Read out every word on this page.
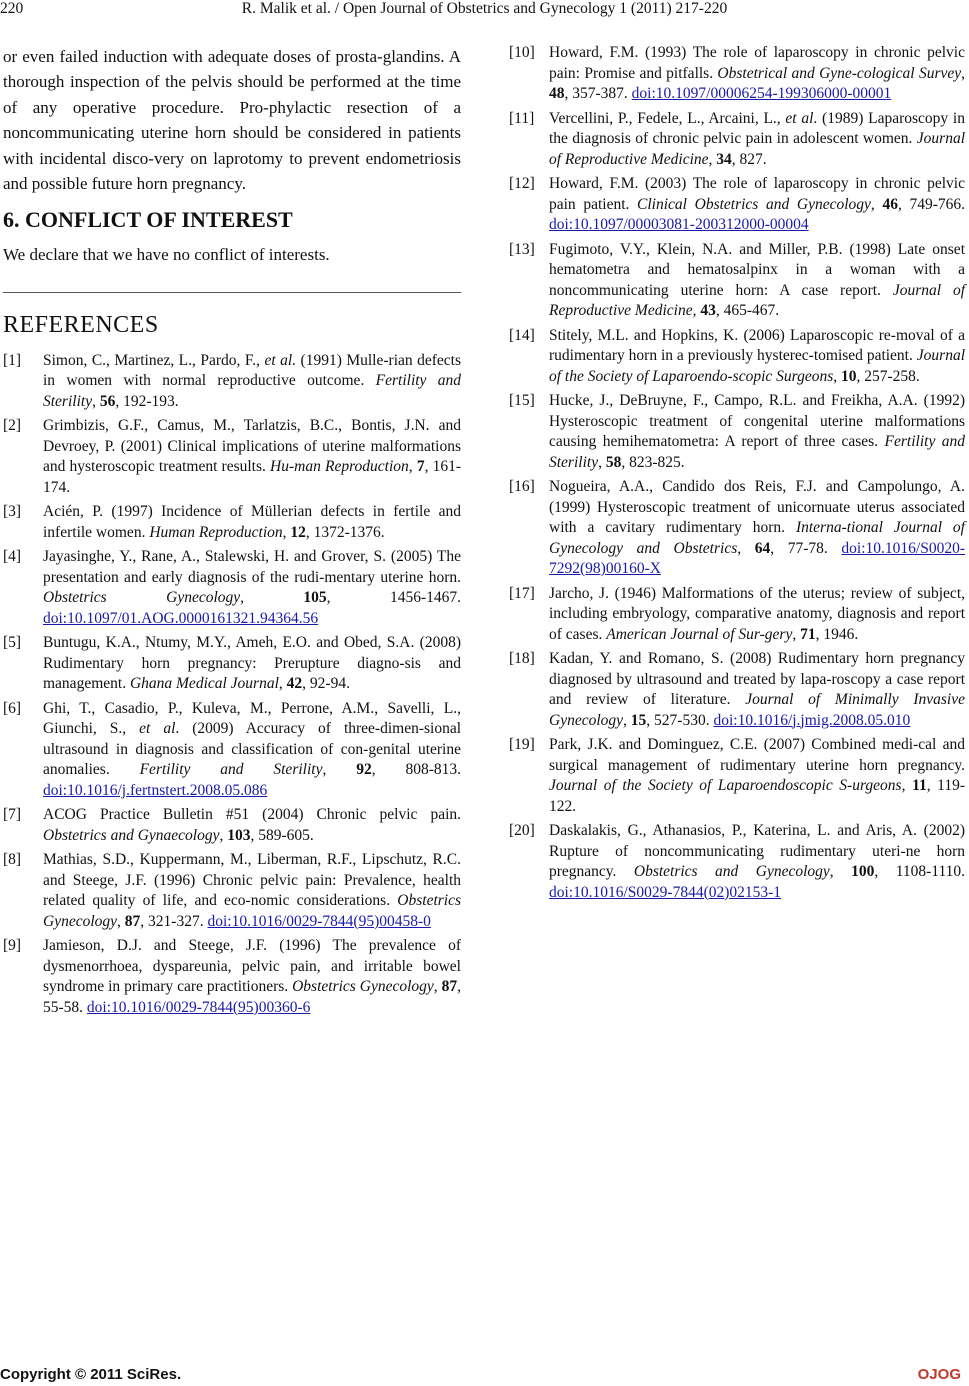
220	R. Malik et al. / Open Journal of Obstetrics and Gynecology 1 (2011) 217-220

or even failed induction with adequate doses of prosta-glandins. A thorough inspection of the pelvis should be performed at the time of any operative procedure. Pro-phylactic resection of a noncommunicating uterine horn should be considered in patients with incidental disco-very on laprotomy to prevent endometriosis and possible future horn pregnancy.

6. CONFLICT OF INTEREST

We declare that we have no conflict of interests.

REFERENCES
[1]	Simon, C., Martinez, L., Pardo, F., et al. (1991) Mulle-rian defects in women with normal reproductive outcome. Fertility and Sterility, 56, 192-193.
[2]	Grimbizis, G.F., Camus, M., Tarlatzis, B.C., Bontis, J.N. and Devroey, P. (2001) Clinical implications of uterine malformations and hysteroscopic treatment results. Hu-man Reproduction, 7, 161-174.
[3]	Acién, P. (1997) Incidence of Müllerian defects in fertile and infertile women. Human Reproduction, 12, 1372-1376.
[4]	Jayasinghe, Y., Rane, A., Stalewski, H. and Grover, S. (2005) The presentation and early diagnosis of the rudi-mentary uterine horn. Obstetrics Gynecology, 105, 1456-1467. doi:10.1097/01.AOG.0000161321.94364.56
[5]	Buntugu, K.A., Ntumy, M.Y., Ameh, E.O. and Obed, S.A. (2008) Rudimentary horn pregnancy: Prerupture diagno-sis and management. Ghana Medical Journal, 42, 92-94.
[6]	Ghi, T., Casadio, P., Kuleva, M., Perrone, A.M., Savelli, L., Giunchi, S., et al. (2009) Accuracy of three-dimen-sional ultrasound in diagnosis and classification of con-genital uterine anomalies. Fertility and Sterility, 92, 808-813. doi:10.1016/j.fertnstert.2008.05.086
[7]	ACOG Practice Bulletin #51 (2004) Chronic pelvic pain. Obstetrics and Gynaecology, 103, 589-605.
[8]	Mathias, S.D., Kuppermann, M., Liberman, R.F., Lipschutz, R.C. and Steege, J.F. (1996) Chronic pelvic pain: Prevalence, health related quality of life, and eco-nomic considerations. Obstetrics Gynecology, 87, 321-327. doi:10.1016/0029-7844(95)00458-0
[9]	Jamieson, D.J. and Steege, J.F. (1996) The prevalence of dysmenorrhoea, dyspareunia, pelvic pain, and irritable bowel syndrome in primary care practitioners. Obstetrics Gynecology, 87, 55-58. doi:10.1016/0029-7844(95)00360-6
[10] Howard, F.M. (1993) The role of laparoscopy in chronic pelvic pain: Promise and pitfalls. Obstetrical and Gyne-cological Survey, 48, 357-387. doi:10.1097/00006254-199306000-00001
[11] Vercellini, P., Fedele, L., Arcaini, L., et al. (1989) Laparoscopy in the diagnosis of chronic pelvic pain in adolescent women. Journal of Reproductive Medicine, 34, 827.
[12] Howard, F.M. (2003) The role of laparoscopy in chronic pelvic pain patient. Clinical Obstetrics and Gynecology, 46, 749-766. doi:10.1097/00003081-200312000-00004
[13] Fugimoto, V.Y., Klein, N.A. and Miller, P.B. (1998) Late onset hematometra and hematosalpinx in a woman with a noncommunicating uterine horn: A case report. Journal of Reproductive Medicine, 43, 465-467.
[14] Stitely, M.L. and Hopkins, K. (2006) Laparoscopic re-moval of a rudimentary horn in a previously hysterec-tomised patient. Journal of the Society of Laparoendo-scopic Surgeons, 10, 257-258.
[15] Hucke, J., DeBruyne, F., Campo, R.L. and Freikha, A.A. (1992) Hysteroscopic treatment of congenital uterine malformations causing hemihematometra: A report of three cases. Fertility and Sterility, 58, 823-825.
[16] Nogueira, A.A., Candido dos Reis, F.J. and Campolungo, A. (1999) Hysteroscopic treatment of unicornuate uterus associated with a cavitary rudimentary horn. Interna-tional Journal of Gynecology and Obstetrics, 64, 77-78. doi:10.1016/S0020-7292(98)00160-X
[17] Jarcho, J. (1946) Malformations of the uterus; review of subject, including embryology, comparative anatomy, diagnosis and report of cases. American Journal of Sur-gery, 71, 1946.
[18] Kadan, Y. and Romano, S. (2008) Rudimentary horn pregnancy diagnosed by ultrasound and treated by lapa-roscopy a case report and review of literature. Journal of Minimally Invasive Gynecology, 15, 527-530. doi:10.1016/j.jmig.2008.05.010
[19] Park, J.K. and Dominguez, C.E. (2007) Combined medi-cal and surgical management of rudimentary uterine horn pregnancy. Journal of the Society of Laparoendoscopic S-urgeons, 11, 119-122.
[20] Daskalakis, G., Athanasios, P., Katerina, L. and Aris, A. (2002) Rupture of noncommunicating rudimentary uteri-ne horn pregnancy. Obstetrics and Gynecology, 100, 1108-1110. doi:10.1016/S0029-7844(02)02153-1
Copyright © 2011 SciRes.	OJOG
